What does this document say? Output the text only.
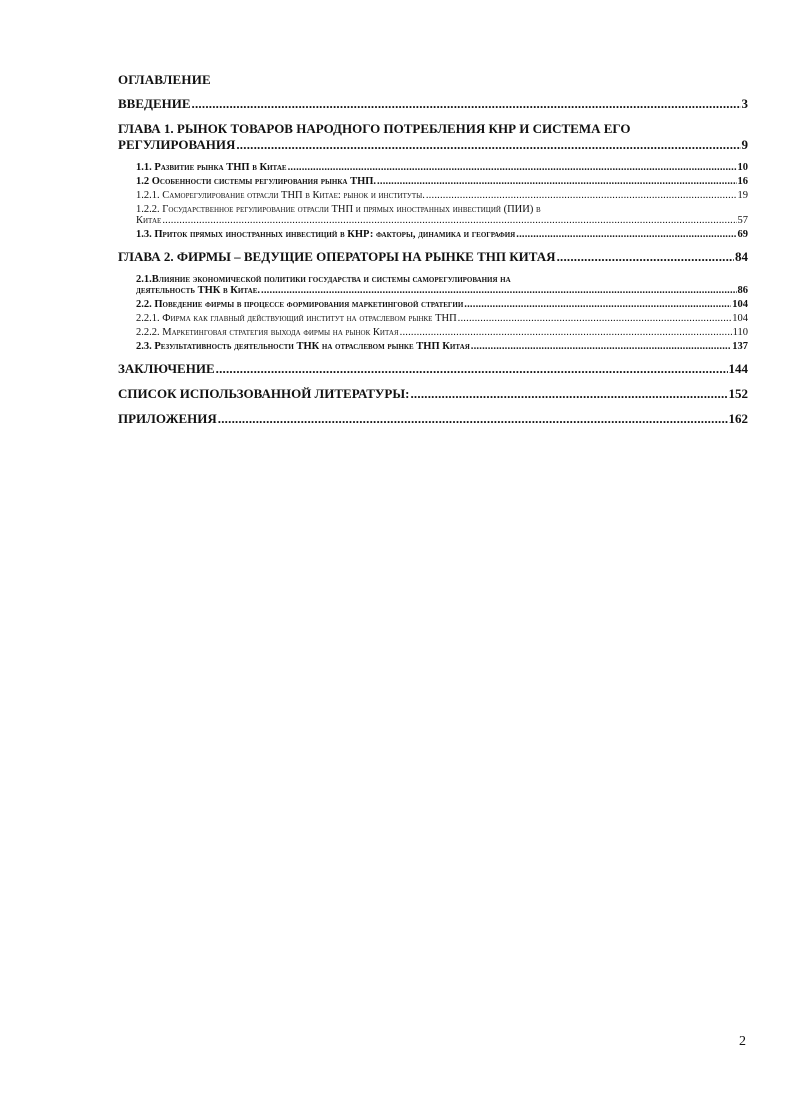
ОГЛАВЛЕНИЕ
ВВЕДЕНИЕ .....	3
ГЛАВА 1. РЫНОК ТОВАРОВ НАРОДНОГО ПОТРЕБЛЕНИЯ КНР И СИСТЕМА ЕГО
РЕГУЛИРОВАНИЯ .....	9
1.1. Развитие рынка ТНП в Китае .....	10
1.2 Особенности системы регулирования рынка ТНП. .....	16
1.2.1. Саморегулирование отрасли ТНП в Китае: рынок и институты. .....	19
1.2.2. Государственное регулирование отрасли ТНП и прямых иностранных инвестиций (ПИИ) в
Китае .....	57
1.3. Приток прямых иностранных инвестиций в КНР: факторы, динамика и география .....	69
ГЛАВА 2. ФИРМЫ – ВЕДУЩИЕ ОПЕРАТОРЫ НА РЫНКЕ ТНП КИТАЯ .....	84
2.1.Влияние экономической политики государства и системы саморегулирования на
деятельность ТНК в Китае. .....	86
2.2. Поведение фирмы в процессе формирования маркетинговой стратегии .....	104
2.2.1. Фирма как главный действующий институт на отраслевом рынке ТНП .....	104
2.2.2. Маркетинговая стратегия выхода фирмы на рынок Китая .....	110
2.3. Результативность деятельности ТНК на отраслевом рынке ТНП Китая .....	137
ЗАКЛЮЧЕНИЕ .....	144
СПИСОК ИСПОЛЬЗОВАННОЙ ЛИТЕРАТУРЫ: .....	152
ПРИЛОЖЕНИЯ .....	162
2
